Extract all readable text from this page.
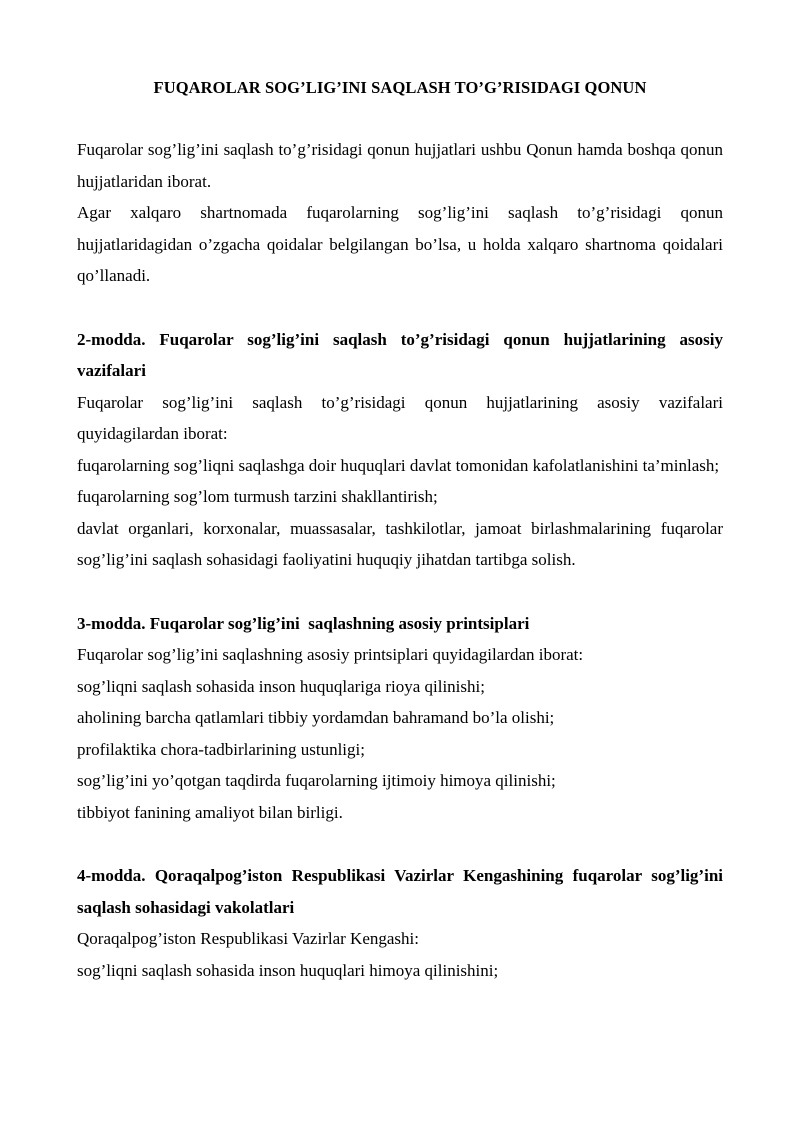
FUQAROLAR SOG’LIG’INI SAQLASH TO’G’RISIDAGI QONUN

Fuqarolar sog’lig’ini saqlash to’g’risidagi qonun hujjatlari ushbu Qonun hamda boshqa qonun hujjatlaridan iborat.

Agar xalqaro shartnomada fuqarolarning sog’lig’ini saqlash to’g’risidagi qonun hujjatlaridagidan o’zgacha qoidalar belgilangan bo’lsa, u holda xalqaro shartnoma qoidalari qo’llanadi.

2-modda. Fuqarolar sog’lig’ini saqlash to’g’risidagi qonun hujjatlarining asosiy vazifalari

Fuqarolar sog’lig’ini saqlash to’g’risidagi qonun hujjatlarining asosiy vazifalari quyidagilardan iborat:

fuqarolarning sog’liqni saqlashga doir huquqlari davlat tomonidan kafolatlanishini ta’minlash;

fuqarolarning sog’lom turmush tarzini shakllantirish;

davlat organlari, korxonalar, muassasalar, tashkilotlar, jamoat birlashmalarining fuqarolar sog’lig’ini saqlash sohasidagi faoliyatini huquqiy jihatdan tartibga solish.

3-modda. Fuqarolar sog’lig’ini  saqlashning asosiy printsiplari

Fuqarolar sog’lig’ini saqlashning asosiy printsiplari quyidagilardan iborat:

sog’liqni saqlash sohasida inson huquqlariga rioya qilinishi;

aholining barcha qatlamlari tibbiy yordamdan bahramand bo’la olishi;

profilaktika chora-tadbirlarining ustunligi;

sog’lig’ini yo’qotgan taqdirda fuqarolarning ijtimoiy himoya qilinishi;

tibbiyot fanining amaliyot bilan birligi.

4-modda. Qoraqalpog’iston Respublikasi Vazirlar Kengashining fuqarolar sog’lig’ini saqlash sohasidagi vakolatlari

Qoraqalpog’iston Respublikasi Vazirlar Kengashi:

sog’liqni saqlash sohasida inson huquqlari himoya qilinishini;
